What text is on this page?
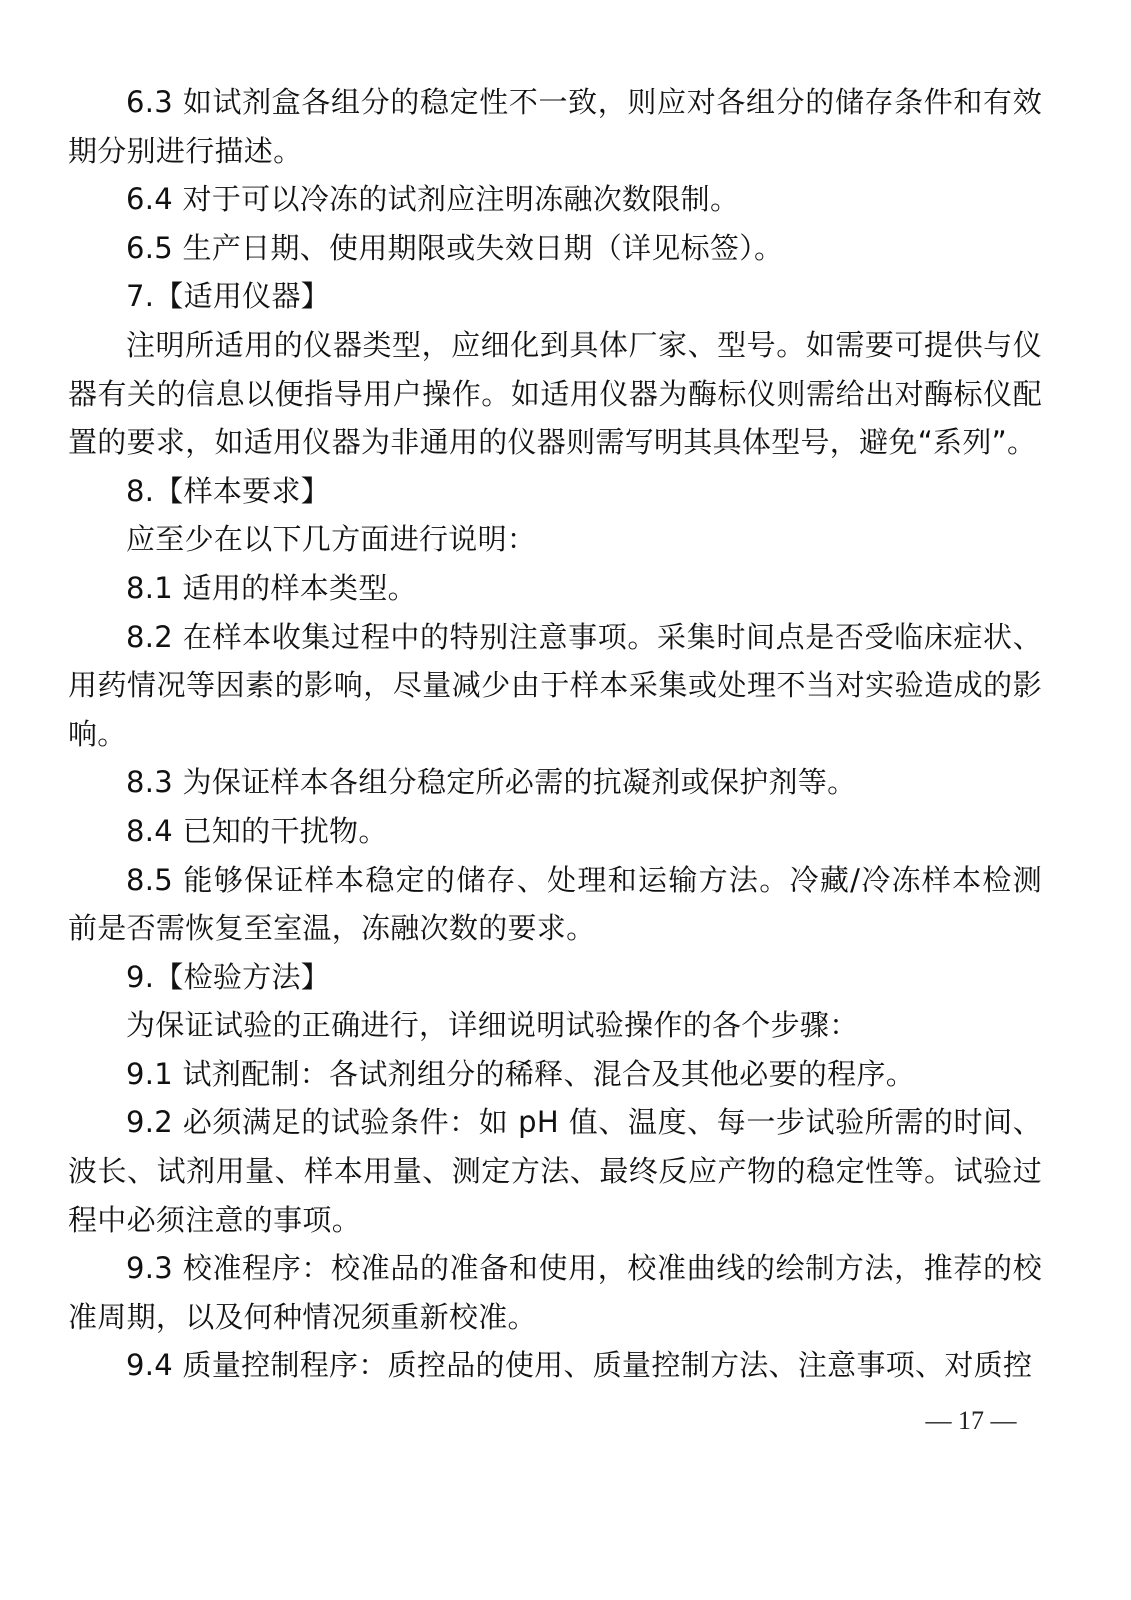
6.3 如试剂盒各组分的稳定性不一致，则应对各组分的储存条件和有效期分别进行描述。

6.4 对于可以冷冻的试剂应注明冻融次数限制。

6.5 生产日期、使用期限或失效日期（详见标签）。

7.【适用仪器】

注明所适用的仪器类型，应细化到具体厂家、型号。如需要可提供与仪器有关的信息以便指导用户操作。如适用仪器为酶标仪则需给出对酶标仪配置的要求，如适用仪器为非通用的仪器则需写明其具体型号，避免“系列”。

8.【样本要求】

应至少在以下几方面进行说明：

8.1 适用的样本类型。

8.2 在样本收集过程中的特别注意事项。采集时间点是否受临床症状、用药情况等因素的影响，尽量减少由于样本采集或处理不当对实验造成的影响。

8.3 为保证样本各组分稳定所必需的抗凝剂或保护剂等。

8.4 已知的干扰物。

8.5 能够保证样本稳定的储存、处理和运输方法。冷藏/冷冻样本检测前是否需恢复至室温，冻融次数的要求。

9.【检验方法】

为保证试验的正确进行，详细说明试验操作的各个步骤：

9.1 试剂配制：各试剂组分的稀释、混合及其他必要的程序。

9.2 必须满足的试验条件：如 pH 值、温度、每一步试验所需的时间、波长、试剂用量、样本用量、测定方法、最终反应产物的稳定性等。试验过程中必须注意的事项。

9.3 校准程序：校准品的准备和使用，校准曲线的绘制方法，推荐的校准周期，以及何种情况须重新校准。

9.4 质量控制程序：质控品的使用、质量控制方法、注意事项、对质控

— 17 —
